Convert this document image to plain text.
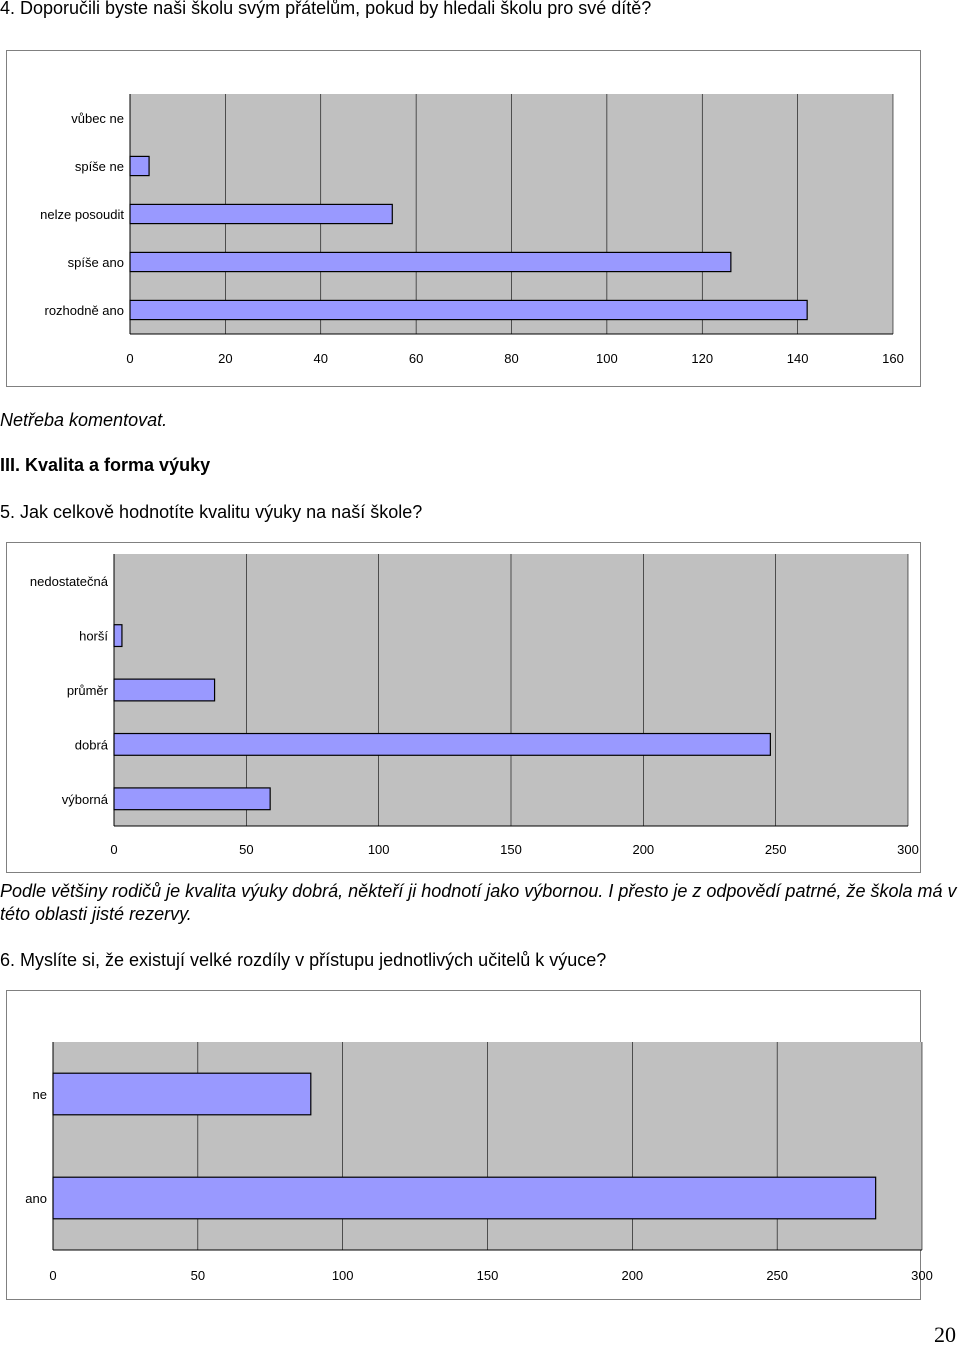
4. Doporučili byste naši školu svým přátelům, pokud by hledali školu pro své dítě?
0	20	40	60	80	100	120	140	160
vůbec ne
spíše ne
nelze posoudit
spíše ano
rozhodně ano
Netřeba komentovat.
III. Kvalita a forma výuky
5. Jak celkově hodnotíte kvalitu výuky na naší škole?
0	50	100	150	200	250	300
nedostatečná
horší
průměr
dobrá
výborná
Podle většiny rodičů je kvalita výuky dobrá, někteří ji hodnotí jako výbornou. I přesto je z odpovědí patrné, že škola má v této oblasti jisté rezervy.
6. Myslíte si, že existují velké rozdíly v přístupu jednotlivých učitelů k výuce?
0	50	100	150	200	250	300
ne
ano
20
